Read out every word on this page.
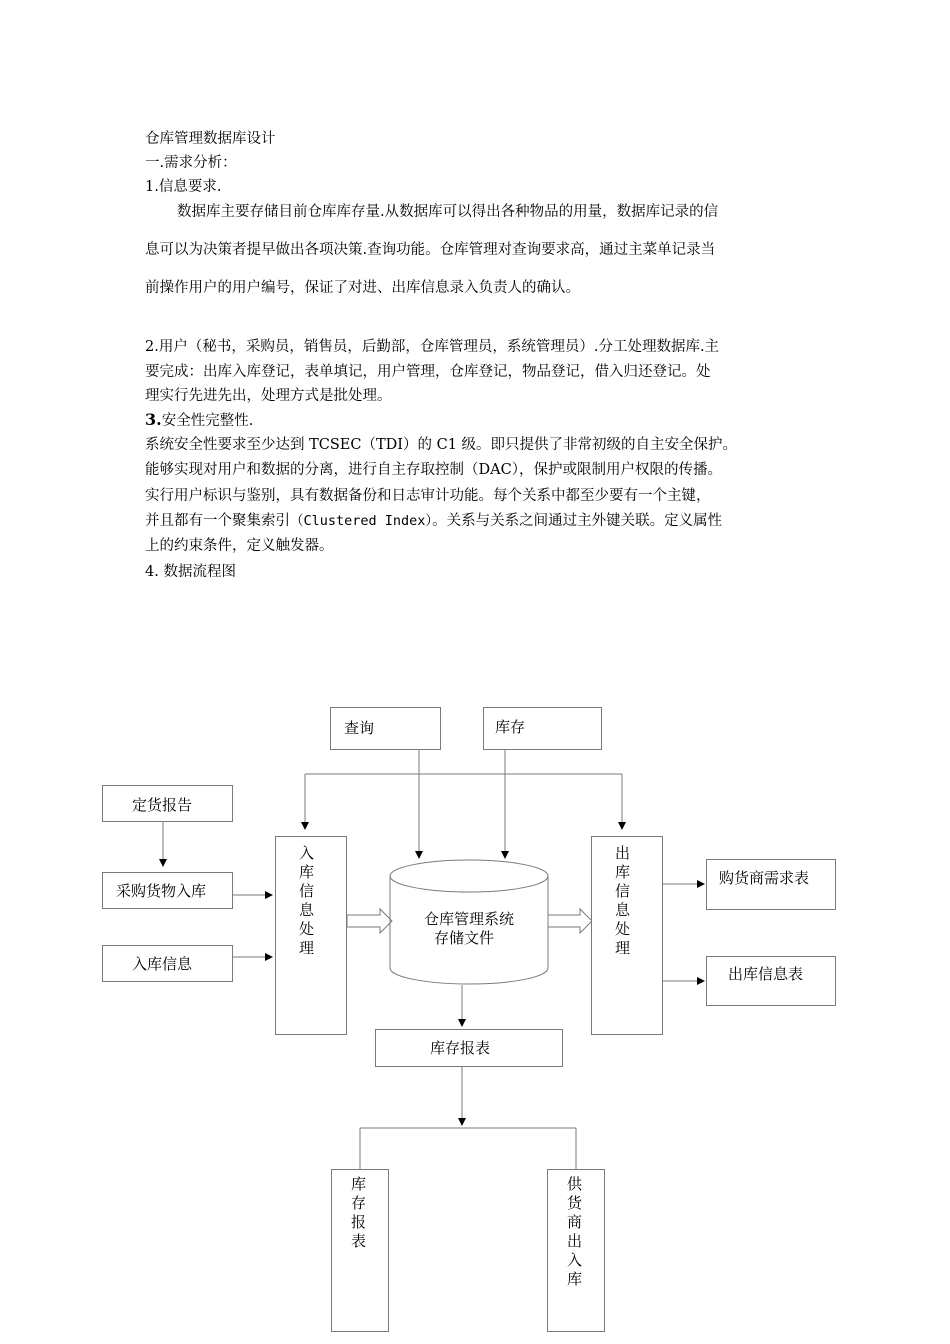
仓库管理数据库设计
一.需求分析：
1.信息要求.
数据库主要存储目前仓库库存量.从数据库可以得出各种物品的用量，数据库记录的信
息可以为决策者提早做出各项决策.查询功能。仓库管理对查询要求高，通过主菜单记录当
前操作用户的用户编号，保证了对进、出库信息录入负责人的确认。
2.用户（秘书，采购员，销售员，后勤部，仓库管理员，系统管理员）.分工处理数据库.主
要完成：出库入库登记，表单填记，用户管理，仓库登记，物品登记，借入归还登记。处
理实行先进先出，处理方式是批处理。
3.安全性完整性.
系统安全性要求至少达到 TCSEC（TDI）的 C1 级。即只提供了非常初级的自主安全保护。
能够实现对用户和数据的分离，进行自主存取控制（DAC），保护或限制用户权限的传播。
实行用户标识与鉴别，具有数据备份和日志审计功能。每个关系中都至少要有一个主键，
并且都有一个聚集索引（Clustered Index）。关系与关系之间通过主外键关联。定义属性
上的约束条件，定义触发器。
4. 数据流程图
查询	库存
定货报告
采购货物入库
入库信息
入库信息处理	仓库管理系统
存储文件	出库信息处理	购货商需求表
出库信息表
库存报表
库存报表	供货商出入库
